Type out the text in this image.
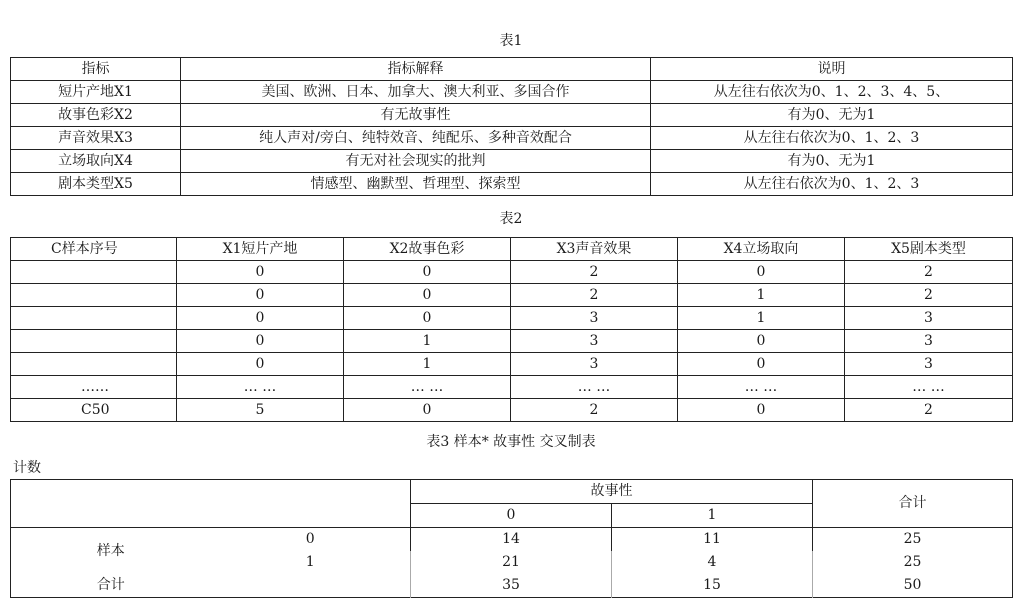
表1
指标	指标解释	说明
短片产地X1	美国、欧洲、日本、加拿大、澳大利亚、多国合作	从左往右依次为0、1、2、3、4、5、
故事色彩X2	有无故事性	有为0、无为1
声音效果X3	纯人声对/旁白、纯特效音、纯配乐、多种音效配合	从左往右依次为0、1、2、3
立场取向X4	有无对社会现实的批判	有为0、无为1
剧本类型X5	情感型、幽默型、哲理型、探索型	从左往右依次为0、1、2、3
表2
C样本序号	X1短片产地	X2故事色彩	X3声音效果	X4立场取向	X5剧本类型
	0	0	2	0	2
	0	0	2	1	2
	0	0	3	1	3
	0	1	3	0	3
	0	1	3	0	3
……	… …	… …	… …	… …	… …
C50	5	0	2	0	2
表3 样本* 故事性 交叉制表
计数
		故事性		合计
		0	1	
样本	0	14	11	25
	1	21	4	25
合计		35	15	50
